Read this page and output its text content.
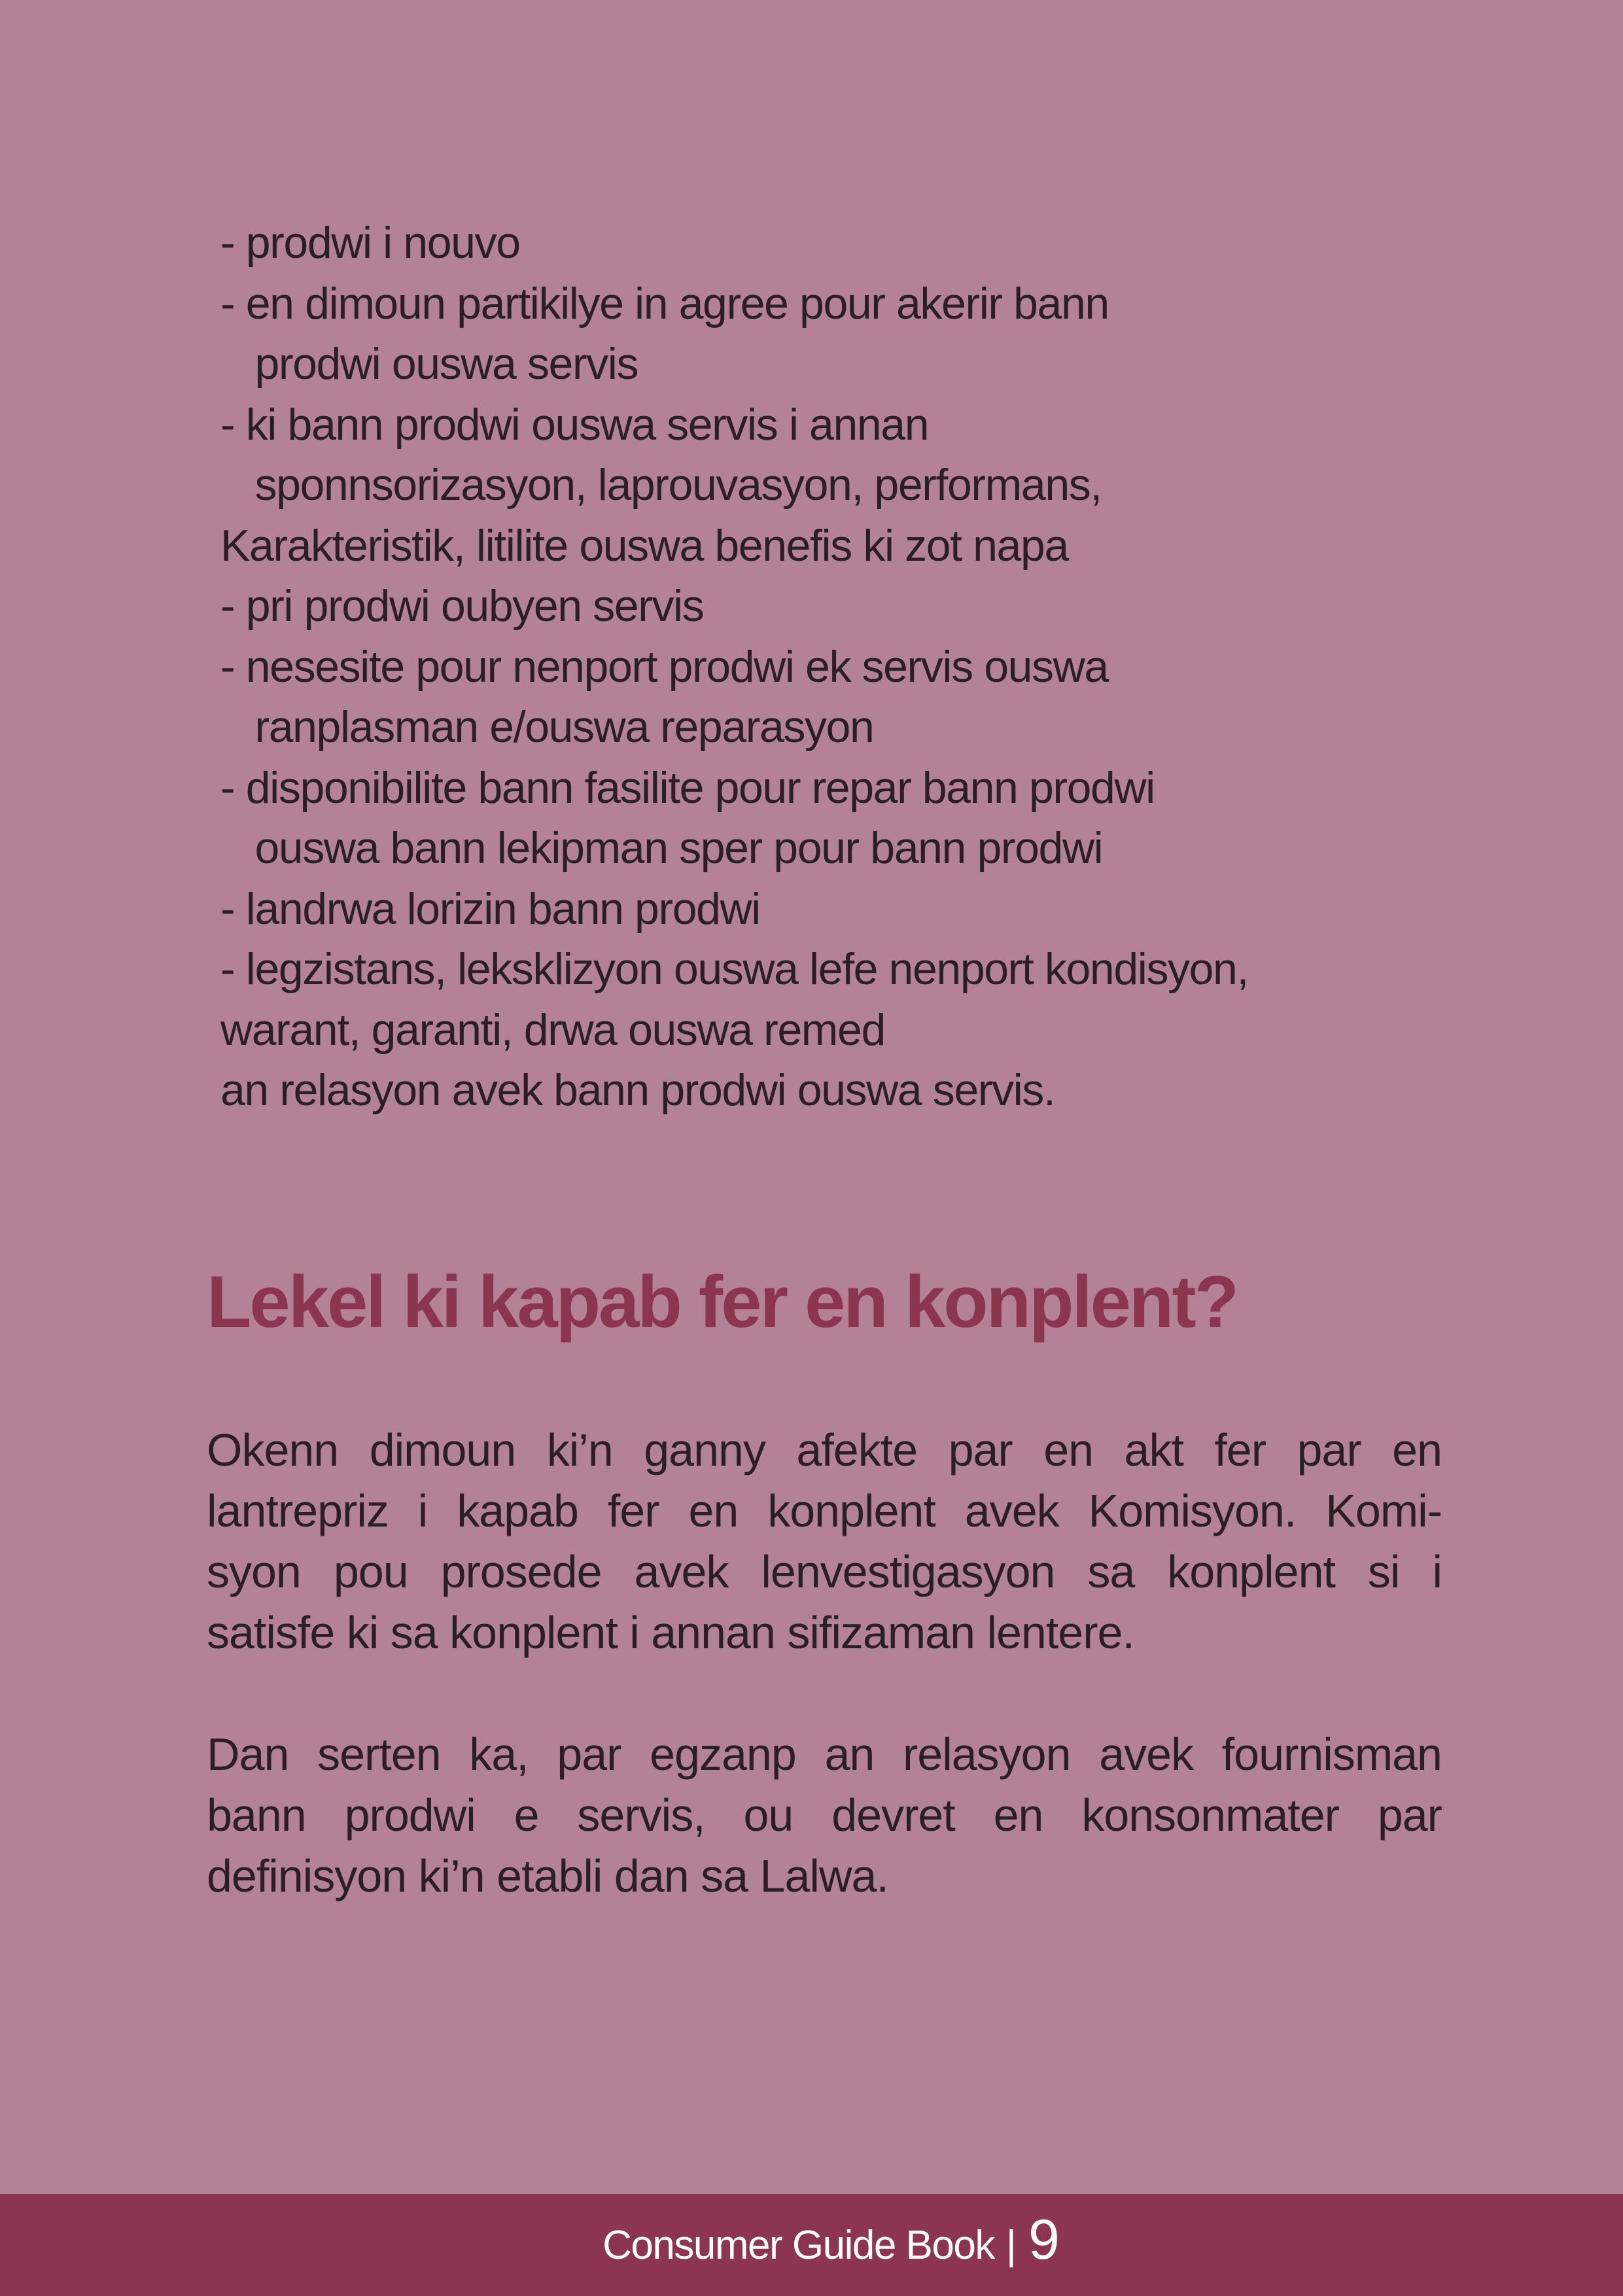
- prodwi i nouvo
- en dimoun partikilye in agree pour akerir bann
prodwi ouswa servis
- ki bann prodwi ouswa servis i annan
sponnsorizasyon, laprouvasyon, performans,
Karakteristik, litilite ouswa benefis ki zot napa
- pri prodwi oubyen servis
- nesesite pour nenport prodwi ek servis ouswa
ranplasman e/ouswa reparasyon
- disponibilite bann fasilite pour repar bann prodwi
ouswa bann lekipman sper pour bann prodwi
- landrwa lorizin bann prodwi
- legzistans, leksklizyon ouswa lefe nenport kondisyon,
warant, garanti, drwa ouswa remed
an relasyon avek bann prodwi ouswa servis.
Lekel ki kapab fer en konplent?
Okenn dimoun ki’n ganny afekte par en akt fer par en
lantrepriz i kapab fer en konplent avek Komisyon. Komi-
syon pou prosede avek lenvestigasyon sa konplent si i
satisfe ki sa konplent i annan sifizaman lentere.
Dan serten ka, par egzanp an relasyon avek fournisman
bann prodwi e servis, ou devret en konsonmater par
definisyon ki’n etabli dan sa Lalwa.
Consumer Guide Book | 9
